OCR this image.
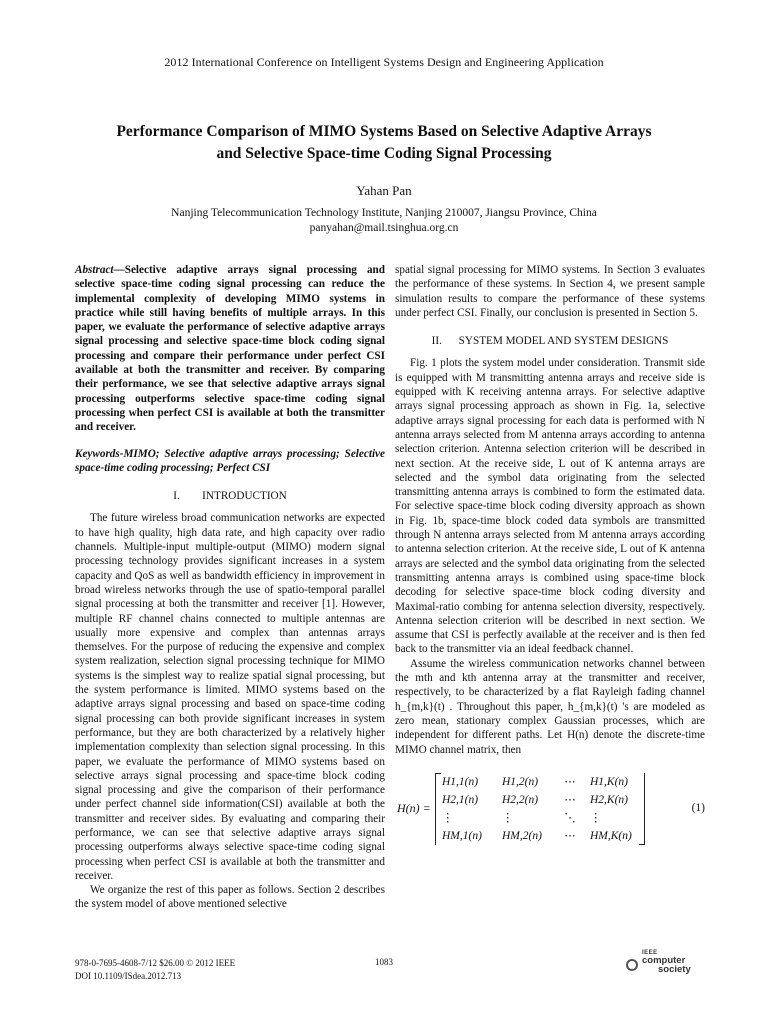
2012 International Conference on Intelligent Systems Design and Engineering Application
Performance Comparison of MIMO Systems Based on Selective Adaptive Arrays
and Selective Space-time Coding Signal Processing
Yahan Pan
Nanjing Telecommunication Technology Institute, Nanjing 210007, Jiangsu Province, China
panyahan@mail.tsinghua.org.cn

Abstract—Selective adaptive arrays signal processing and selective space-time coding signal processing can reduce the implemental complexity of developing MIMO systems in practice while still having benefits of multiple arrays. In this paper, we evaluate the performance of selective adaptive arrays signal processing and selective space-time block coding signal processing and compare their performance under perfect CSI available at both the transmitter and receiver. By comparing their performance, we see that selective adaptive arrays signal processing outperforms selective space-time coding signal processing when perfect CSI is available at both the transmitter and receiver.

Keywords-MIMO; Selective adaptive arrays processing; Selective space-time coding processing; Perfect CSI

I.        INTRODUCTION

The future wireless broad communication networks are expected to have high quality, high data rate, and high capacity over radio channels. Multiple-input multiple-output (MIMO) modern signal processing technology provides significant increases in a system capacity and QoS as well as bandwidth efficiency in improvement in broad wireless networks through the use of spatio-temporal parallel signal processing at both the transmitter and receiver [1]. However, multiple RF channel chains connected to multiple antennas are usually more expensive and complex than antennas arrays themselves. For the purpose of reducing the expensive and complex system realization, selection signal processing technique for MIMO systems is the simplest way to realize spatial signal processing, but the system performance is limited. MIMO systems based on the adaptive arrays signal processing and based on space-time coding signal processing can both provide significant increases in system performance, but they are both characterized by a relatively higher implementation complexity than selection signal processing. In this paper, we evaluate the performance of MIMO systems based on selective arrays signal processing and space-time block coding signal processing and give the comparison of their performance under perfect channel side information(CSI) available at both the transmitter and receiver sides. By evaluating and comparing their performance, we can see that selective adaptive arrays signal processing outperforms always selective space-time coding signal processing when perfect CSI is available at both the transmitter and receiver.

We organize the rest of this paper as follows. Section 2 describes the system model of above mentioned selective

spatial signal processing for MIMO systems. In Section 3 evaluates the performance of these systems. In Section 4, we present sample simulation results to compare the performance of these systems under perfect CSI. Finally, our conclusion is presented in Section 5.

II.      SYSTEM MODEL AND SYSTEM DESIGNS

Fig. 1 plots the system model under consideration. Transmit side is equipped with M transmitting antenna arrays and receive side is equipped with K receiving antenna arrays. For selective adaptive arrays signal processing approach as shown in Fig. 1a, selective adaptive arrays signal processing for each data is performed with N antenna arrays selected from M antenna arrays according to antenna selection criterion. Antenna selection criterion will be described in next section. At the receive side, L out of K antenna arrays are selected and the symbol data originating from the selected transmitting antenna arrays is combined to form the estimated data. For selective space-time block coding diversity approach as shown in Fig. 1b, space-time block coded data symbols are transmitted through N antenna arrays selected from M antenna arrays according to antenna selection criterion. At the receive side, L out of K antenna arrays are selected and the symbol data originating from the selected transmitting antenna arrays is combined using space-time block decoding for selective space-time block coding diversity and Maximal-ratio combing for antenna selection diversity, respectively. Antenna selection criterion will be described in next section. We assume that CSI is perfectly available at the receiver and is then fed back to the transmitter via an ideal feedback channel.

Assume the wireless communication networks channel between the mth and kth antenna array at the transmitter and receiver, respectively, to be characterized by a flat Rayleigh fading channel h_{m,k}(t) . Throughout this paper, h_{m,k}(t) 's are modeled as zero mean, stationary complex Gaussian processes, which are independent for different paths. Let H(n) denote the discrete-time MIMO channel matrix, then

H(n) =
H1,1(n)	H1,2(n)	⋯ H1,K(n)
H2,1(n)	H2,2(n)	⋯ H2,K(n)
⋮	⋮	⋱ ⋮
HM,1(n)	HM,2(n)	⋯ HM,K(n)
(1)
978-0-7695-4608-7/12 $26.00 © 2012 IEEE
DOI 10.1109/ISdea.2012.713
1083
IEEE
computer
society
